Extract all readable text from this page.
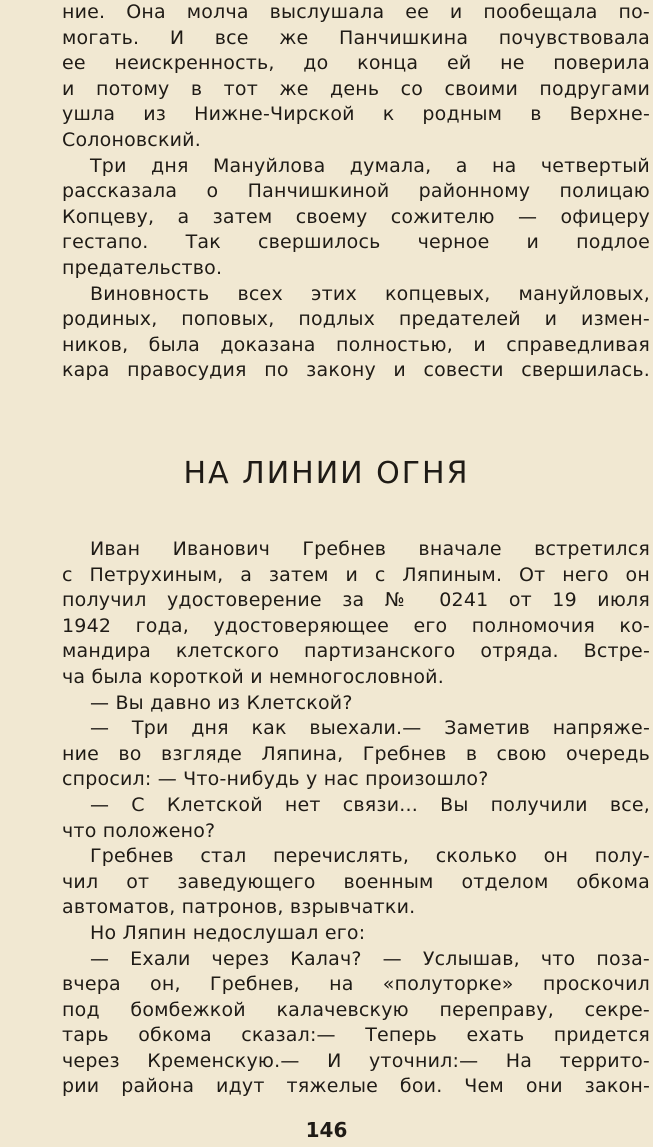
ние. Она молча выслушала ее и пообещала по-
могать. И все же Панчишкина почувствовала
ее неискренность, до конца ей не поверила
и потому в тот же день со своими подругами
ушла из Нижне-Чирской к родным в Верхне-
Солоновский.
Три дня Мануйлова думала, а на четвертый
рассказала о Панчишкиной районному полицаю
Копцеву, а затем своему сожителю — офицеру
гестапо. Так свершилось черное и подлое
предательство.
Виновность всех этих копцевых, мануйловых,
родиных, поповых, подлых предателей и измен-
ников, была доказана полностью, и справедливая
кара правосудия по закону и совести свершилась.
НА ЛИНИИ ОГНЯ
Иван Иванович Гребнев вначале встретился
с Петрухиным, а затем и с Ляпиным. От него он
получил удостоверение за № 0241 от 19 июля
1942 года, удостоверяющее его полномочия ко-
мандира клетского партизанского отряда. Встре-
ча была короткой и немногословной.
— Вы давно из Клетской?
— Три дня как выехали.— Заметив напряже-
ние во взгляде Ляпина, Гребнев в свою очередь
спросил: — Что-нибудь у нас произошло?
— С Клетской нет связи... Вы получили все,
что положено?
Гребнев стал перечислять, сколько он полу-
чил от заведующего военным отделом обкома
автоматов, патронов, взрывчатки.
Но Ляпин недослушал его:
— Ехали через Калач? — Услышав, что поза-
вчера он, Гребнев, на «полуторке» проскочил
под бомбежкой калачевскую переправу, секре-
тарь обкома сказал:— Теперь ехать придется
через Кременскую.— И уточнил:— На террито-
рии района идут тяжелые бои. Чем они закон-
146
